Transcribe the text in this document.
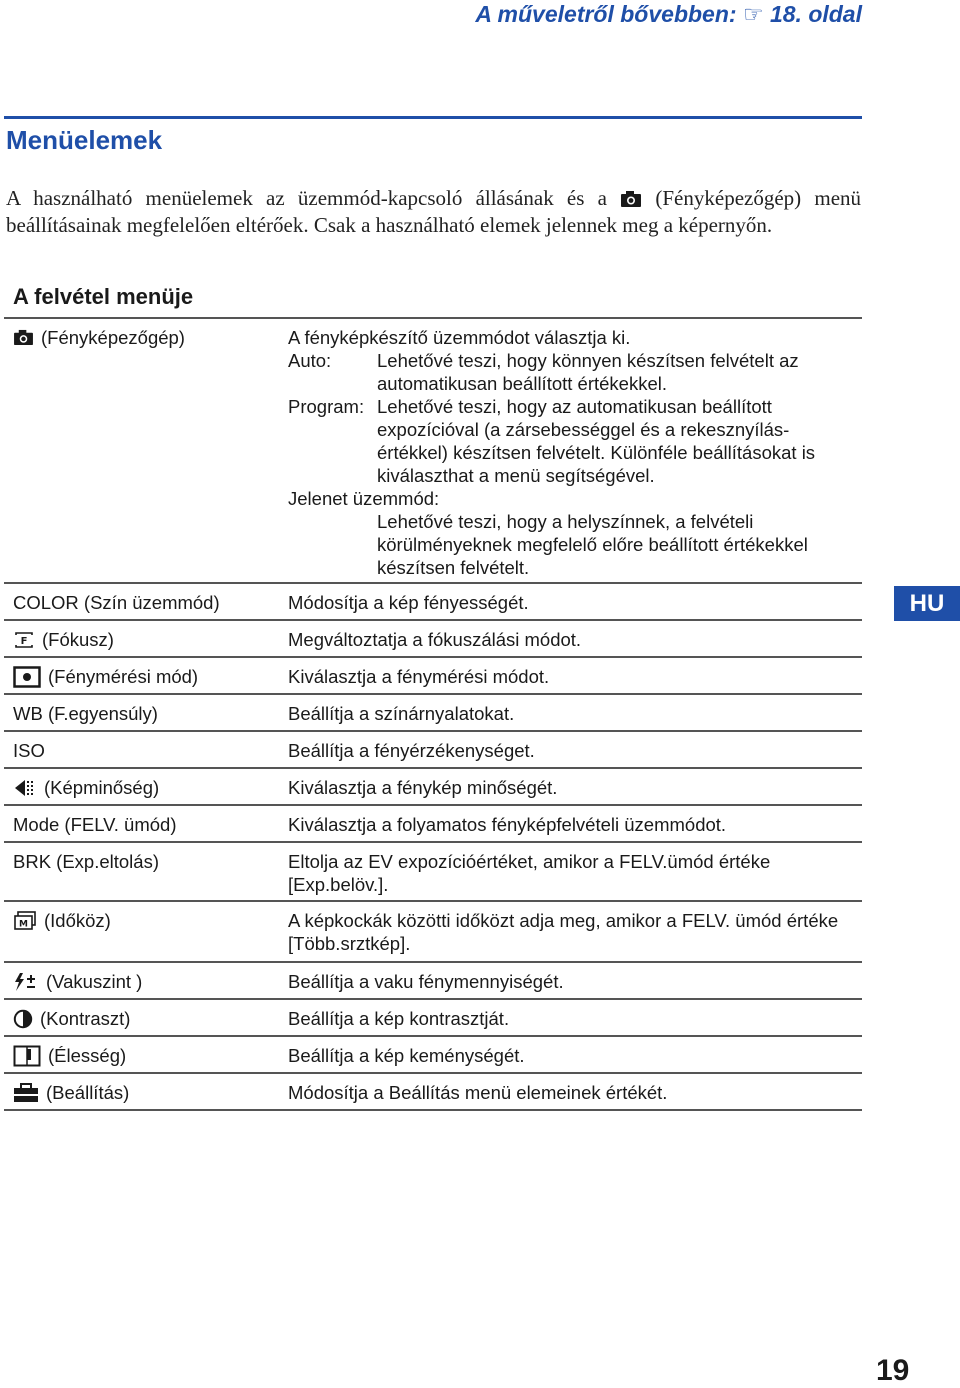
A műveletről bővebben: ☞ 18. oldal
Menüelemek
A használható menüelemek az üzemmód-kapcsoló állásának és a (Fényképezőgép) menü beállításainak megfelelően eltérőek. Csak a használható elemek jelennek meg a képernyőn.
A felvétel menüje
(Fényképezőgép)	A fényképkészítő üzemmódot választja ki.
Auto:	Lehetővé teszi, hogy könnyen készítsen felvételt az automatikusan beállított értékekkel.
Program: Lehetővé teszi, hogy az automatikusan beállított expozícióval (a zársebességgel és a rekesznyílás-értékkel) készítsen felvételt. Különféle beállításokat is kiválaszthat a menü segítségével.
Jelenet üzemmód:
Lehetővé teszi, hogy a helyszínnek, a felvételi körülményeknek megfelelő előre beállított értékekkel készítsen felvételt.
COLOR (Szín üzemmód)	Módosítja a kép fényességét.
F (Fókusz)	Megváltoztatja a fókuszálási módot.
(Fénymérési mód)	Kiválasztja a fénymérési módot.
WB (F.egyensúly)	Beállítja a színárnyalatokat.
ISO	Beállítja a fényérzékenységet.
(Képminőség)	Kiválasztja a fénykép minőségét.
Mode (FELV. ümód)	Kiválasztja a folyamatos fényképfelvételi üzemmódot.
BRK (Exp.eltolás)	Eltolja az EV expozícióértéket, amikor a FELV.ümód értéke [Exp.belöv.].
M (Időköz)	A képkockák közötti időközt adja meg, amikor a FELV. ümód értéke [Több.srztkép].
(Vakuszint )	Beállítja a vaku fénymennyiségét.
(Kontraszt)	Beállítja a kép kontrasztját.
(Élesség)	Beállítja a kép keménységét.
(Beállítás)	Módosítja a Beállítás menü elemeinek értékét.
HU
19
